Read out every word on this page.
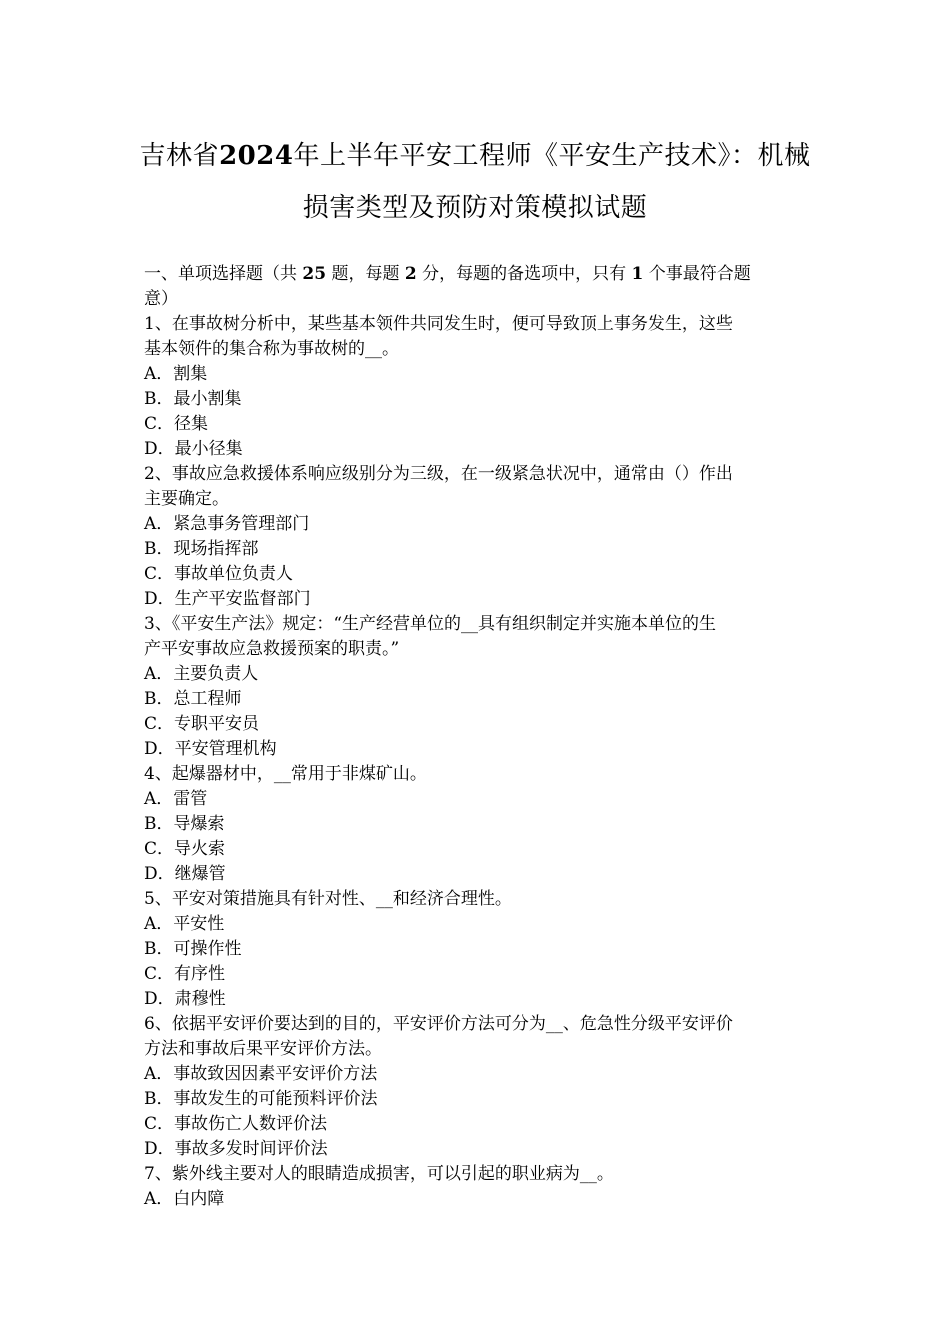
吉林省2024年上半年平安工程师《平安生产技术》：机械
损害类型及预防对策模拟试题
一、单项选择题（共 25 题，每题 2 分，每题的备选项中，只有 1 个事最符合题
意）
1、在事故树分析中，某些基本领件共同发生时，便可导致顶上事务发生，这些
基本领件的集合称为事故树的__。
A．割集
B．最小割集
C．径集
D．最小径集
2、事故应急救援体系响应级别分为三级，在一级紧急状况中，通常由（）作出
主要确定。
A．紧急事务管理部门
B．现场指挥部
C．事故单位负责人
D．生产平安监督部门
3、《平安生产法》规定：“生产经营单位的__具有组织制定并实施本单位的生
产平安事故应急救援预案的职责。”
A．主要负责人
B．总工程师
C．专职平安员
D．平安管理机构
4、起爆器材中，__常用于非煤矿山。
A．雷管
B．导爆索
C．导火索
D．继爆管
5、平安对策措施具有针对性、__和经济合理性。
A．平安性
B．可操作性
C．有序性
D．肃穆性
6、依据平安评价要达到的目的，平安评价方法可分为__、危急性分级平安评价
方法和事故后果平安评价方法。
A．事故致因因素平安评价方法
B．事故发生的可能预料评价法
C．事故伤亡人数评价法
D．事故多发时间评价法
7、紫外线主要对人的眼睛造成损害，可以引起的职业病为__。
A．白内障
